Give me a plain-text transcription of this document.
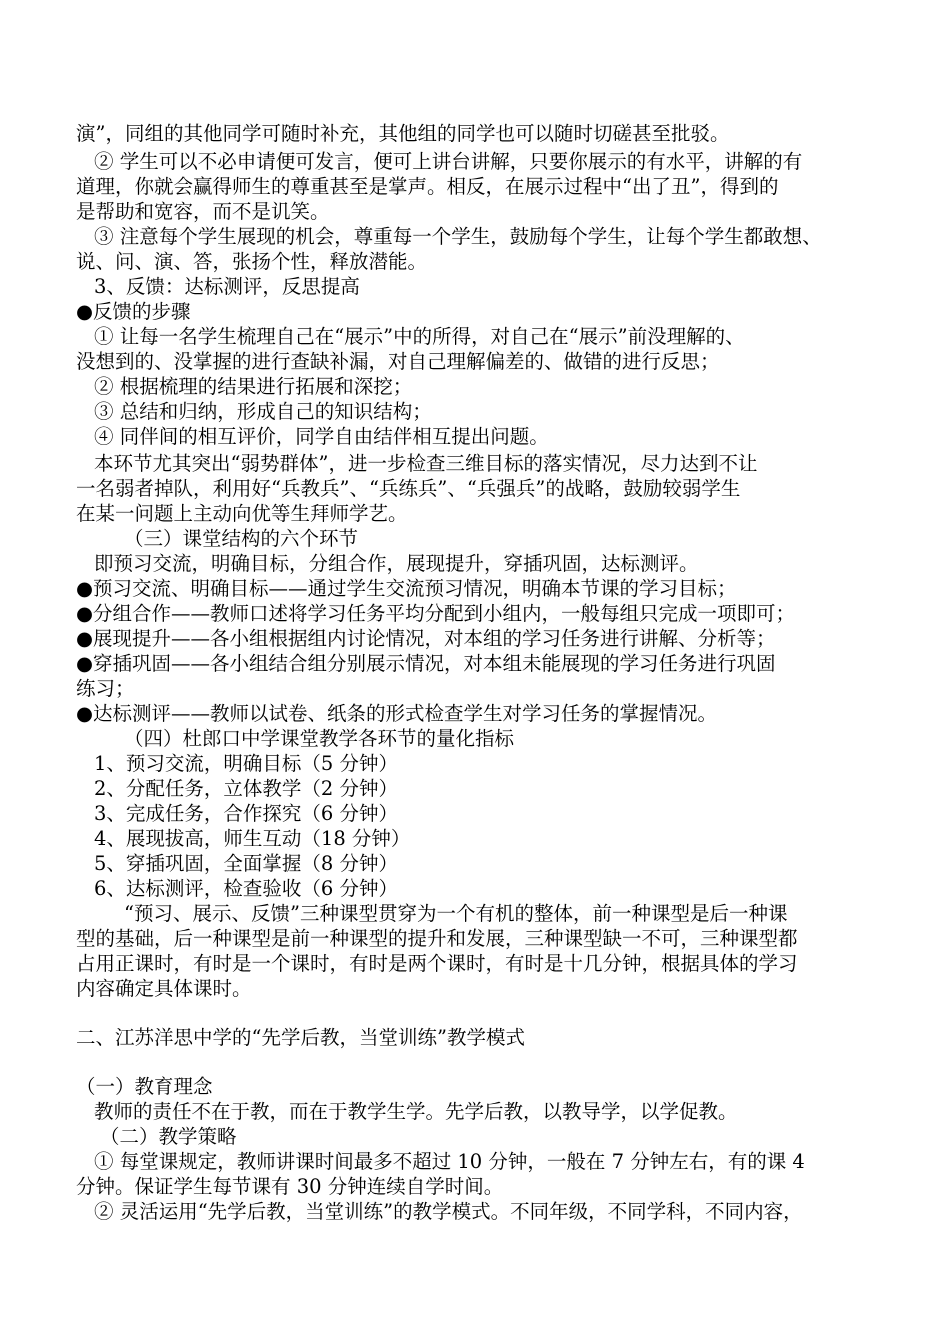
演”，同组的其他同学可随时补充，其他组的同学也可以随时切磋甚至批驳。
② 学生可以不必申请便可发言，便可上讲台讲解，只要你展示的有水平，讲解的有
道理，你就会赢得师生的尊重甚至是掌声。相反，在展示过程中“出了丑”，得到的
是帮助和宽容，而不是讥笑。
③ 注意每个学生展现的机会，尊重每一个学生，鼓励每个学生，让每个学生都敢想、
说、问、演、答，张扬个性，释放潜能。
3、反馈：达标测评，反思提高
●反馈的步骤
① 让每一名学生梳理自己在“展示”中的所得，对自己在“展示”前没理解的、
没想到的、没掌握的进行查缺补漏，对自己理解偏差的、做错的进行反思；
② 根据梳理的结果进行拓展和深挖；
③ 总结和归纳，形成自己的知识结构；
④ 同伴间的相互评价，同学自由结伴相互提出问题。
本环节尤其突出“弱势群体”，进一步检查三维目标的落实情况，尽力达到不让
一名弱者掉队，利用好“兵教兵”、“兵练兵”、“兵强兵”的战略，鼓励较弱学生
在某一问题上主动向优等生拜师学艺。
（三）课堂结构的六个环节
即预习交流，明确目标，分组合作，展现提升，穿插巩固，达标测评。
●预习交流、明确目标——通过学生交流预习情况，明确本节课的学习目标；
●分组合作——教师口述将学习任务平均分配到小组内，一般每组只完成一项即可；
●展现提升——各小组根据组内讨论情况，对本组的学习任务进行讲解、分析等；
●穿插巩固——各小组结合组分别展示情况，对本组未能展现的学习任务进行巩固
练习；
●达标测评——教师以试卷、纸条的形式检查学生对学习任务的掌握情况。
（四）杜郎口中学课堂教学各环节的量化指标
1、预习交流，明确目标（5 分钟）
2、分配任务，立体教学（2 分钟）
3、完成任务，合作探究（6 分钟）
4、展现拔高，师生互动（18 分钟）
5、穿插巩固，全面掌握（8 分钟）
6、达标测评，检查验收（6 分钟）
“预习、展示、反馈”三种课型贯穿为一个有机的整体，前一种课型是后一种课
型的基础，后一种课型是前一种课型的提升和发展，三种课型缺一不可，三种课型都
占用正课时，有时是一个课时，有时是两个课时，有时是十几分钟，根据具体的学习
内容确定具体课时。
二、江苏洋思中学的“先学后教，当堂训练”教学模式
（一）教育理念
教师的责任不在于教，而在于教学生学。先学后教，以教导学，以学促教。
（二）教学策略
① 每堂课规定，教师讲课时间最多不超过 10 分钟，一般在 7 分钟左右，有的课 4
分钟。保证学生每节课有 30 分钟连续自学时间。
② 灵活运用“先学后教，当堂训练”的教学模式。不同年级，不同学科，不同内容，
